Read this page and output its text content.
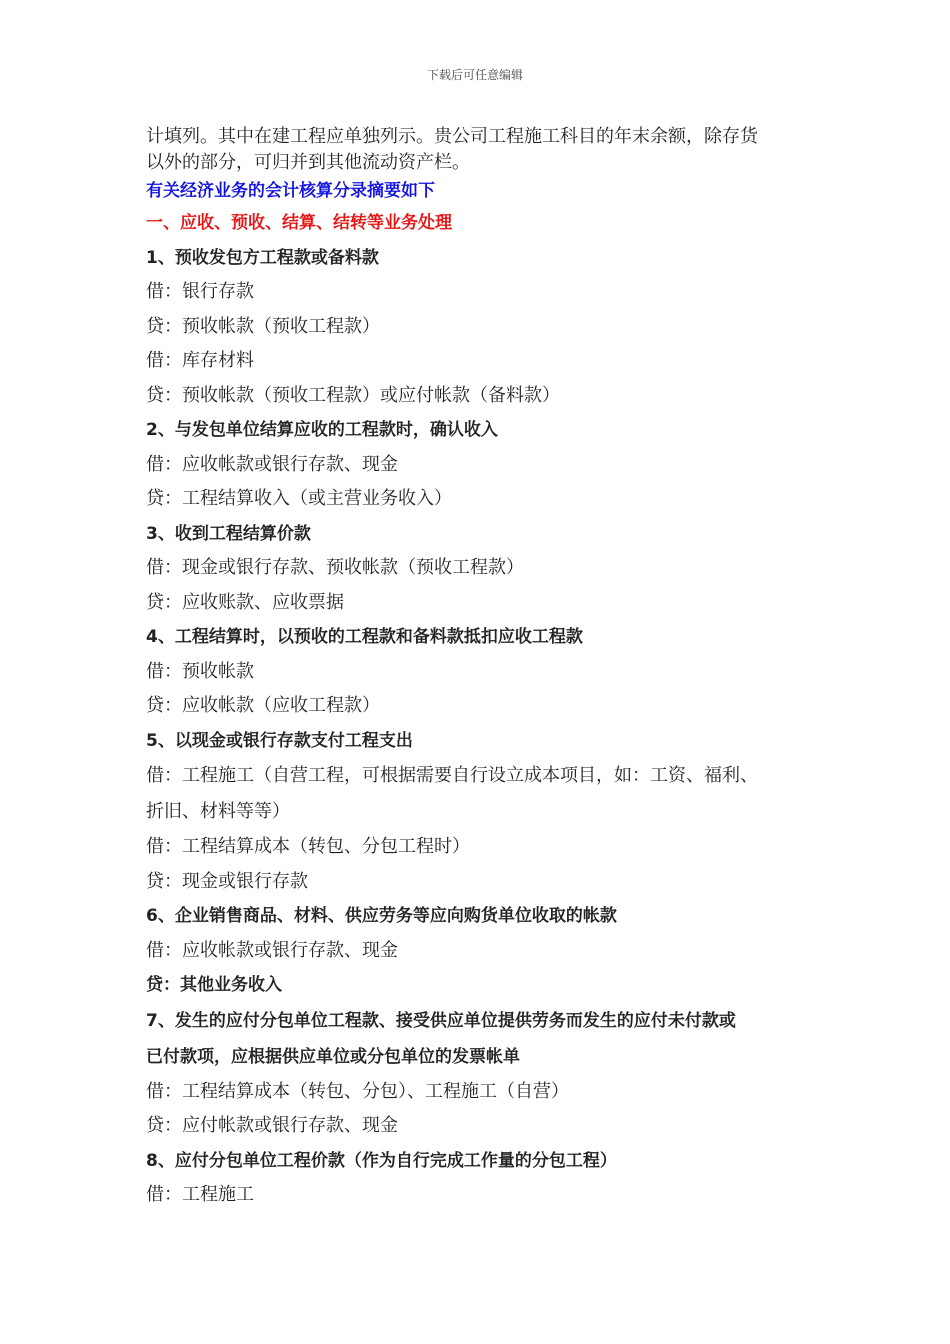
下载后可任意编辑

计填列。其中在建工程应单独列示。贵公司工程施工科目的年末余额，除存货

以外的部分，可归并到其他流动资产栏。

有关经济业务的会计核算分录摘要如下

一、应收、预收、结算、结转等业务处理

1、预收发包方工程款或备料款

借：银行存款

贷：预收帐款（预收工程款）

借：库存材料

贷：预收帐款（预收工程款）或应付帐款（备料款）

2、与发包单位结算应收的工程款时，确认收入

借：应收帐款或银行存款、现金

贷：工程结算收入（或主营业务收入）

3、收到工程结算价款

借：现金或银行存款、预收帐款（预收工程款）

贷：应收账款、应收票据

4、工程结算时，以预收的工程款和备料款抵扣应收工程款

借：预收帐款

贷：应收帐款（应收工程款）

5、以现金或银行存款支付工程支出

借：工程施工（自营工程，可根据需要自行设立成本项目，如：工资、福利、

折旧、材料等等）

借：工程结算成本（转包、分包工程时）

贷：现金或银行存款

6、企业销售商品、材料、供应劳务等应向购货单位收取的帐款

借：应收帐款或银行存款、现金

贷：其他业务收入

7、发生的应付分包单位工程款、接受供应单位提供劳务而发生的应付未付款或

已付款项，应根据供应单位或分包单位的发票帐单

借：工程结算成本（转包、分包）、工程施工（自营）

贷：应付帐款或银行存款、现金

8、应付分包单位工程价款（作为自行完成工作量的分包工程）

借：工程施工
